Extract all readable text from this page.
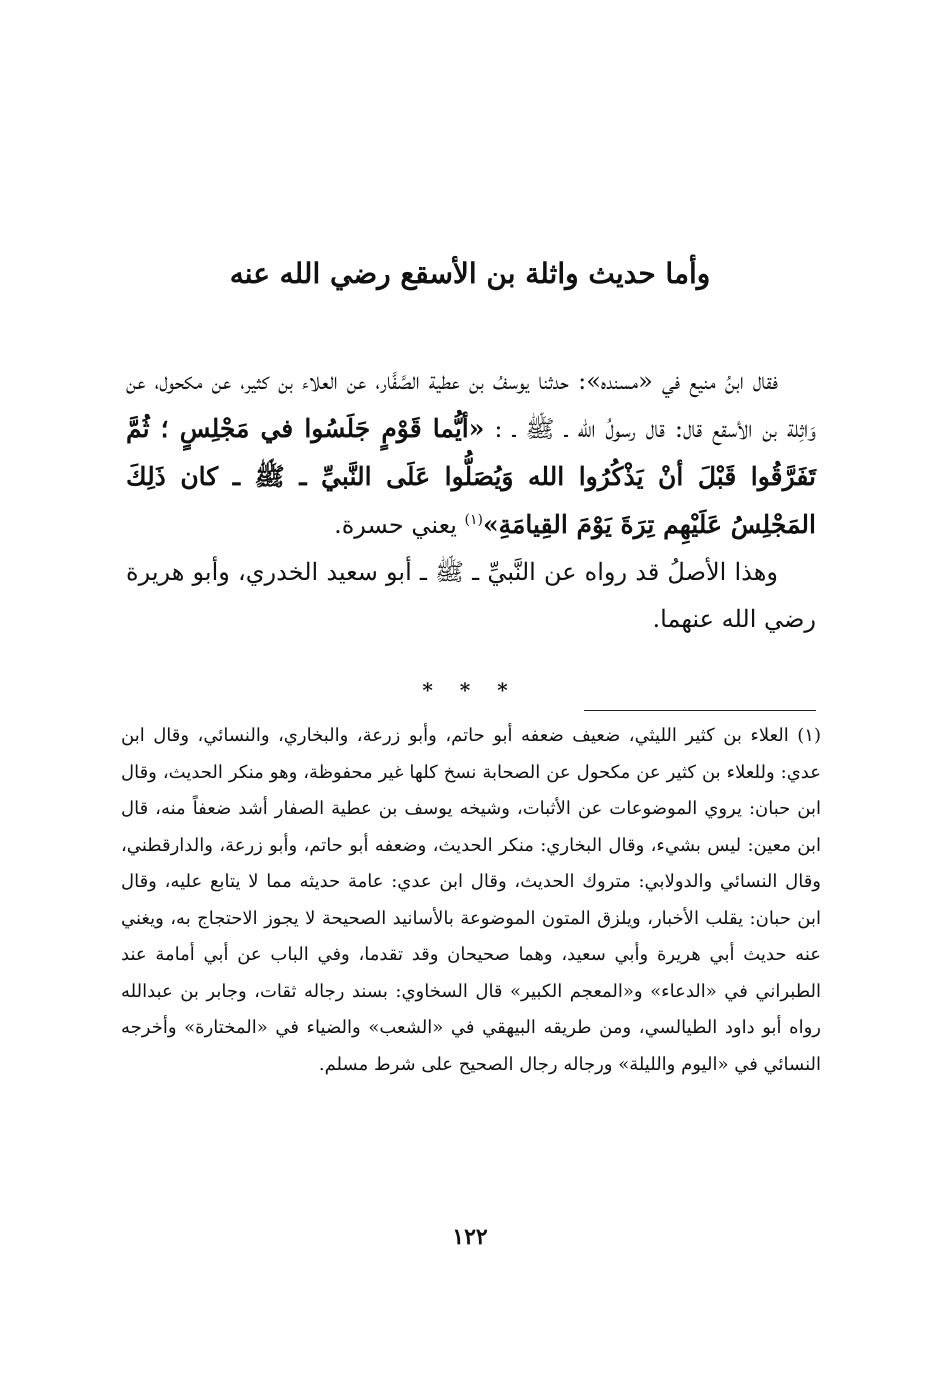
وأما حديث واثلة بن الأسقع رضي الله عنه

فقال ابنُ منيع في «مسنده»: حدثنا يوسفُ بن عطية الصَّفَّار، عن العلاء بن كثير، عن مكحول، عن وَاثِلة بن الأسقع قال: قال رسولُ الله ـ ﷺ ـ : «أيُّما قَوْمٍ جَلَسُوا في مَجْلِسٍ ؛ ثُمَّ تَفَرَّقُوا قَبْلَ أنْ يَذْكُرُوا الله وَيُصَلُّوا عَلَى النَّبيِّ ـ ﷺ ـ كان ذَلِكَ المَجْلِسُ عَلَيْهِم تِرَةَ يَوْمَ القِيامَةِ»$^{(١)}$ يعني حسرة.

وهذا الأصلُ قد رواه عن النَّبيِّ ـ ﷺ ـ أبو سعيد الخدري، وأبو هريرة رضي الله عنهما.

* * *

(١) العلاء بن كثير الليثي، ضعيف ضعفه أبو حاتم، وأبو زرعة، والبخاري، والنسائي، وقال ابن عدي: وللعلاء بن كثير عن مكحول عن الصحابة نسخ كلها غير محفوظة، وهو منكر الحديث، وقال ابن حبان: يروي الموضوعات عن الأثبات، وشيخه يوسف بن عطية الصفار أشد ضعفاً منه، قال ابن معين: ليس بشيء، وقال البخاري: منكر الحديث، وضعفه أبو حاتم، وأبو زرعة، والدارقطني، وقال النسائي والدولابي: متروك الحديث، وقال ابن عدي: عامة حديثه مما لا يتابع عليه، وقال ابن حبان: يقلب الأخبار، ويلزق المتون الموضوعة بالأسانيد الصحيحة لا يجوز الاحتجاج به، ويغني عنه حديث أبي هريرة وأبي سعيد، وهما صحيحان وقد تقدما، وفي الباب عن أبي أمامة عند الطبراني في «الدعاء» و«المعجم الكبير» قال السخاوي: بسند رجاله ثقات، وجابر بن عبدالله رواه أبو داود الطيالسي، ومن طريقه البيهقي في «الشعب» والضياء في «المختارة» وأخرجه النسائي في «اليوم والليلة» ورجاله رجال الصحيح على شرط مسلم.

١٢٢
